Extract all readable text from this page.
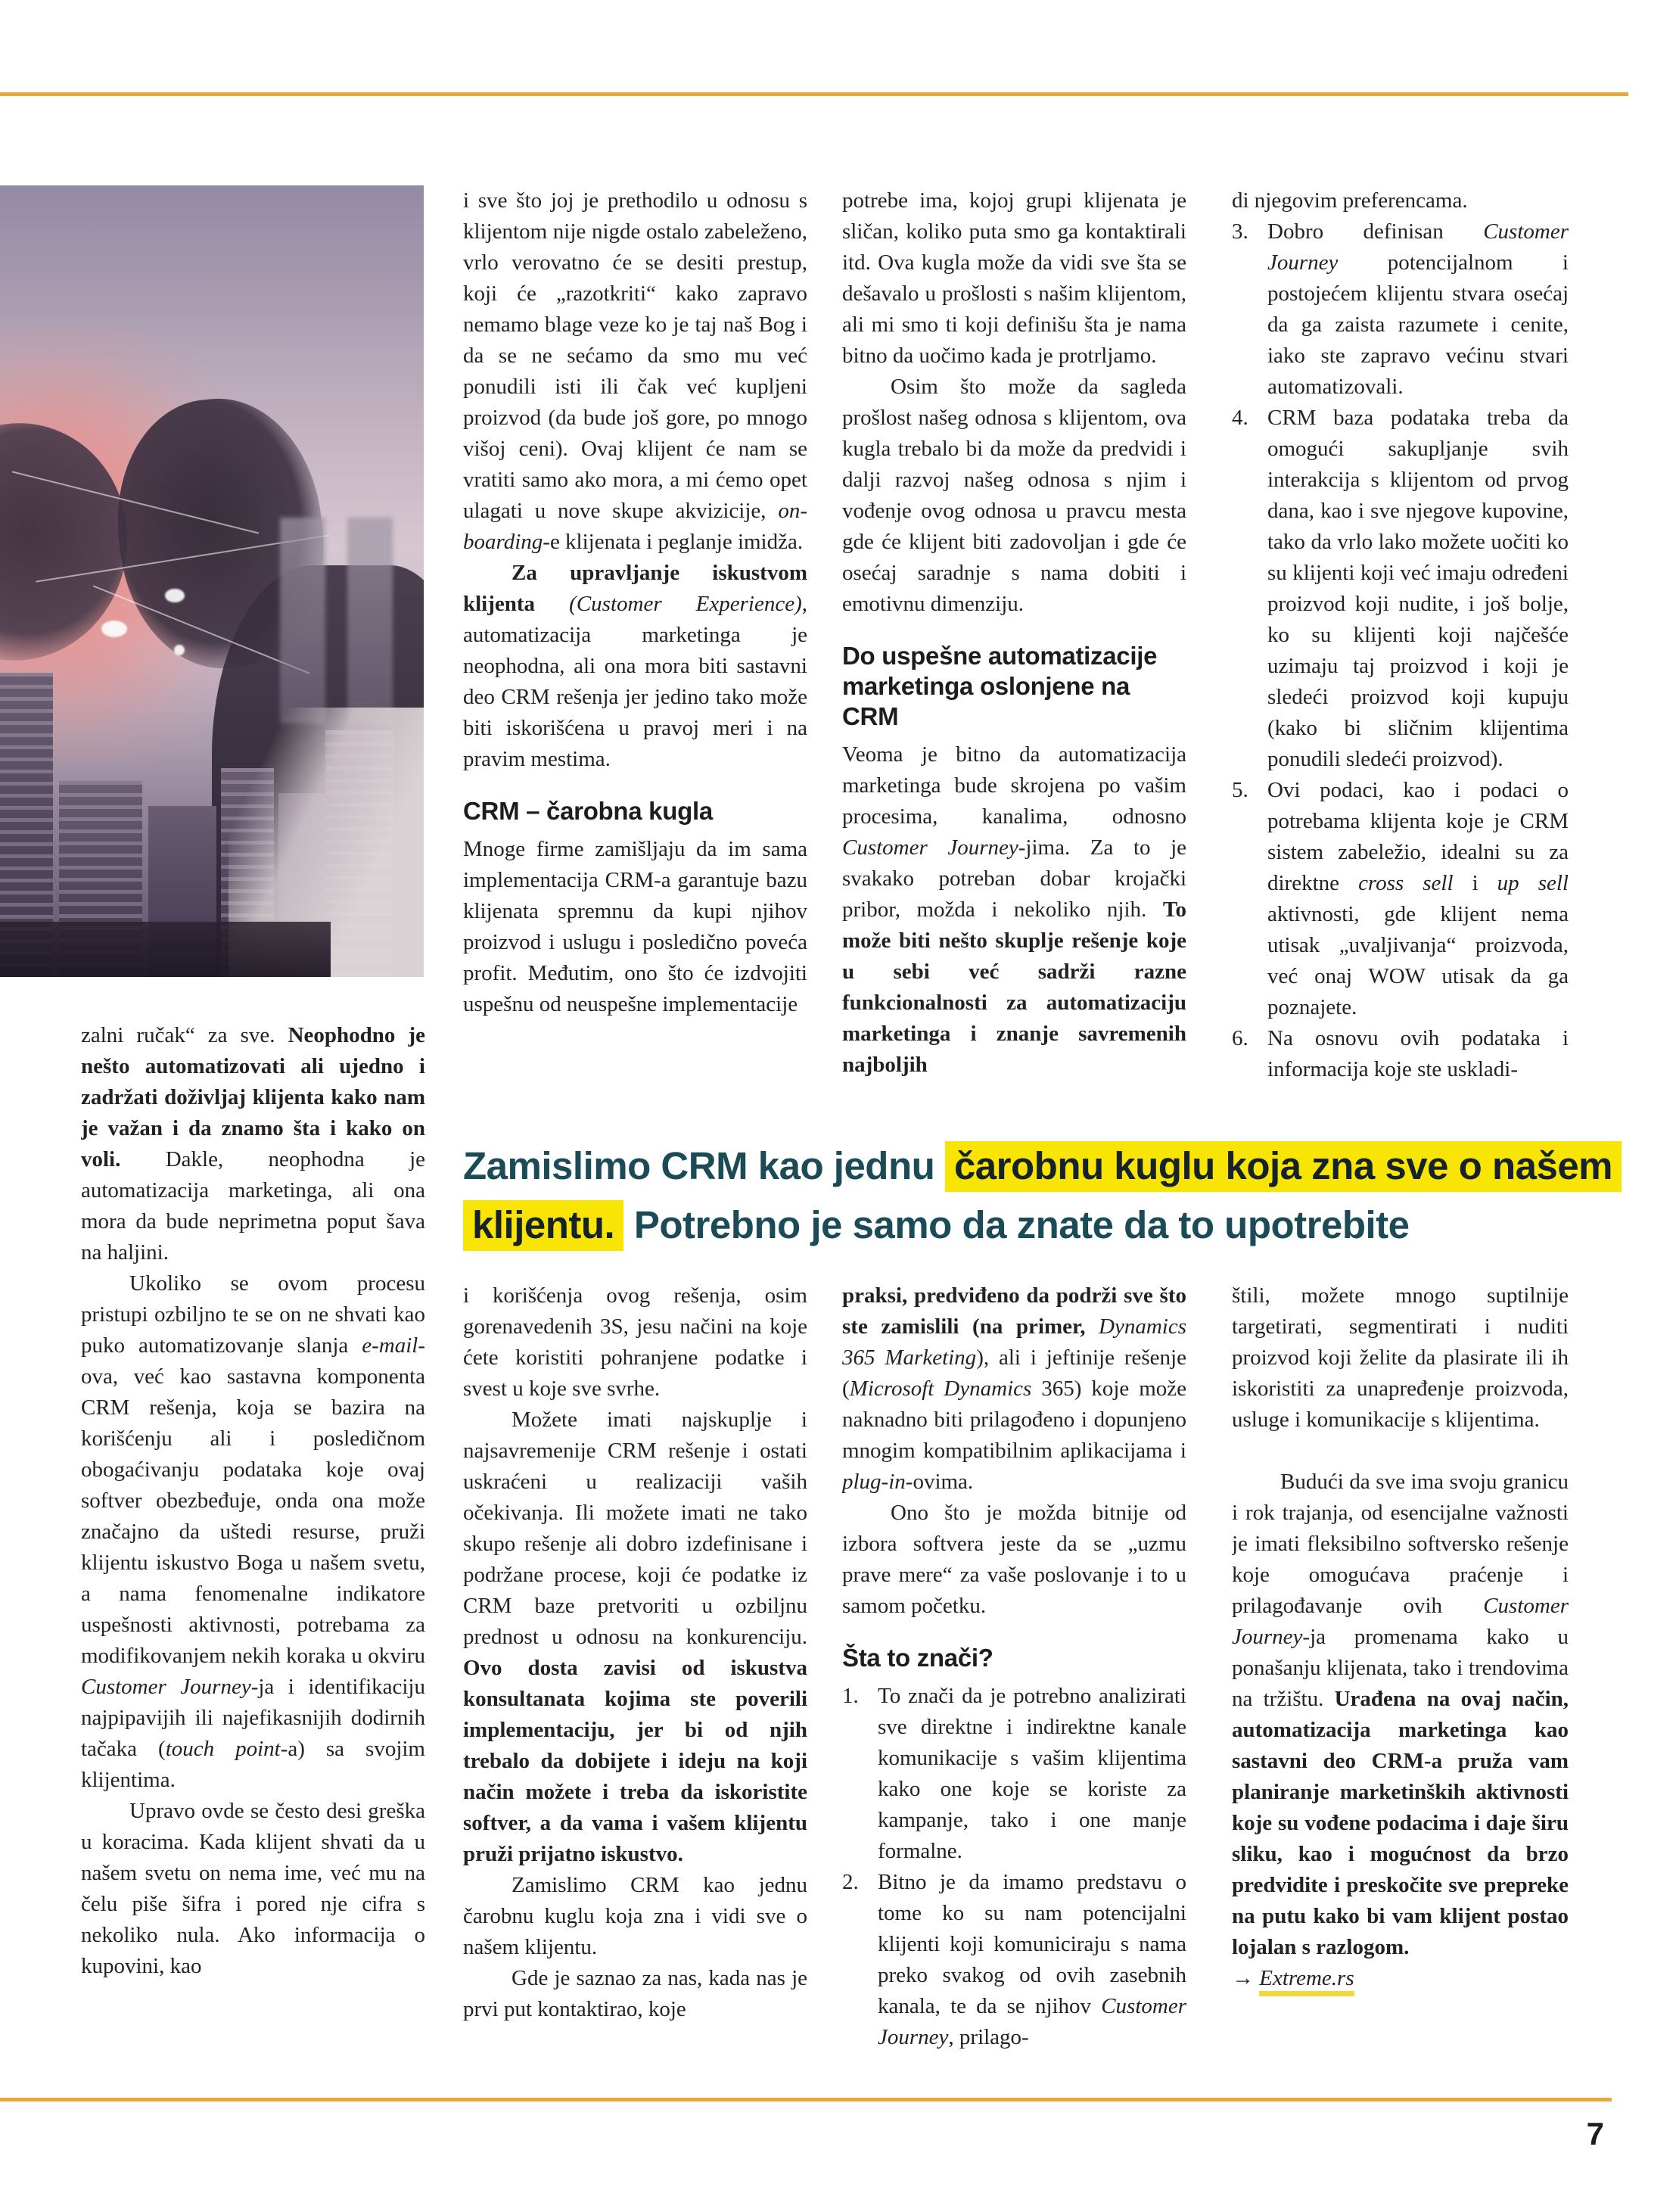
zalni ručak“ za sve. Neophodno je nešto automatizovati ali ujedno i zadržati doživljaj klijenta kako nam je važan i da znamo šta i kako on voli. Dakle, neophodna je automatizacija marketinga, ali ona mora da bude neprimetna poput šava na haljini.

Ukoliko se ovom procesu pristupi ozbiljno te se on ne shvati kao puko automatizovanje slanja e-mail-ova, već kao sastavna komponenta CRM rešenja, koja se bazira na korišćenju ali i posledičnom obogaćivanju podataka koje ovaj softver obezbeđuje, onda ona može značajno da uštedi resurse, pruži klijentu iskustvo Boga u našem svetu, a nama fenomenalne indikatore uspešnosti aktivnosti, potrebama za modifikovanjem nekih koraka u okviru Customer Journey-ja i identifikaciju najpipavijih ili najefikasnijih dodirnih tačaka (touch point-a) sa svojim klijentima.

Upravo ovde se često desi greška u koracima. Kada klijent shvati da u našem svetu on nema ime, već mu na čelu piše šifra i pored nje cifra s nekoliko nula. Ako informacija o kupovini, kao

i sve što joj je prethodilo u odnosu s klijentom nije nigde ostalo zabeleženo, vrlo verovatno će se desiti prestup, koji će „razotkriti“ kako zapravo nemamo blage veze ko je taj naš Bog i da se ne sećamo da smo mu već ponudili isti ili čak već kupljeni proizvod (da bude još gore, po mnogo višoj ceni). Ovaj klijent će nam se vratiti samo ako mora, a mi ćemo opet ulagati u nove skupe akvizicije, on-boarding-e klijenata i peglanje imidža.

Za upravljanje iskustvom klijenta (Customer Experience), automatizacija marketinga je neophodna, ali ona mora biti sastavni deo CRM rešenja jer jedino tako može biti iskorišćena u pravoj meri i na pravim mestima.

CRM – čarobna kugla

Mnoge firme zamišljaju da im sama implementacija CRM-a garantuje bazu klijenata spremnu da kupi njihov proizvod i uslugu i posledično poveća profit. Međutim, ono što će izdvojiti uspešnu od neuspešne implementacije

i korišćenja ovog rešenja, osim gorenavedenih 3S, jesu načini na koje ćete koristiti pohranjene podatke i svest u koje sve svrhe.

Možete imati najskuplje i najsavremenije CRM rešenje i ostati uskraćeni u realizaciji vaših očekivanja. Ili možete imati ne tako skupo rešenje ali dobro izdefinisane i podržane procese, koji će podatke iz CRM baze pretvoriti u ozbiljnu prednost u odnosu na konkurenciju. Ovo dosta zavisi od iskustva konsultanata kojima ste poverili implementaciju, jer bi od njih trebalo da dobijete i ideju na koji način možete i treba da iskoristite softver, a da vama i vašem klijentu pruži prijatno iskustvo.

Zamislimo CRM kao jednu čarobnu kuglu koja zna i vidi sve o našem klijentu.

Gde je saznao za nas, kada nas je prvi put kontaktirao, koje

potrebe ima, kojoj grupi klijenata je sličan, koliko puta smo ga kontaktirali itd. Ova kugla može da vidi sve šta se dešavalo u prošlosti s našim klijentom, ali mi smo ti koji definišu šta je nama bitno da uočimo kada je protrljamo.

Osim što može da sagleda prošlost našeg odnosa s klijentom, ova kugla trebalo bi da može da predvidi i dalji razvoj našeg odnosa s njim i vođenje ovog odnosa u pravcu mesta gde će klijent biti zadovoljan i gde će osećaj saradnje s nama dobiti i emotivnu dimenziju.

Do uspešne automatizacije marketinga oslonjene na CRM

Veoma je bitno da automatizacija marketinga bude skrojena po vašim procesima, kanalima, odnosno Customer Journey-jima. Za to je svakako potreban dobar krojački pribor, možda i nekoliko njih. To može biti nešto skuplje rešenje koje u sebi već sadrži razne funkcionalnosti za automatizaciju marketinga i znanje savremenih najboljih

praksi, predviđeno da podrži sve što ste zamislili (na primer, Dynamics 365 Marketing), ali i jeftinije rešenje (Microsoft Dynamics 365) koje može naknadno biti prilagođeno i dopunjeno mnogim kompatibilnim aplikacijama i plug-in-ovima.

Ono što je možda bitnije od izbora softvera jeste da se „uzmu prave mere“ za vaše poslovanje i to u samom početku.

Šta to znači?
1. To znači da je potrebno analizirati sve direktne i indirektne kanale komunikacije s vašim klijentima kako one koje se koriste za kampanje, tako i one manje formalne.
2. Bitno je da imamo predstavu o tome ko su nam potencijalni klijenti koji komuniciraju s nama preko svakog od ovih zasebnih kanala, te da se njihov Customer Journey, prilago-

di njegovim preferencama.

3. Dobro definisan Customer Journey potencijalnom i postojećem klijentu stvara osećaj da ga zaista razumete i cenite, iako ste zapravo većinu stvari automatizovali.
4. CRM baza podataka treba da omogući sakupljanje svih interakcija s klijentom od prvog dana, kao i sve njegove kupovine, tako da vrlo lako možete uočiti ko su klijenti koji već imaju određeni proizvod koji nudite, i još bolje, ko su klijenti koji najčešće uzimaju taj proizvod i koji je sledeći proizvod koji kupuju (kako bi sličnim klijentima ponudili sledeći proizvod).
5. Ovi podaci, kao i podaci o potrebama klijenta koje je CRM sistem zabeležio, idealni su za direktne cross sell i up sell aktivnosti, gde klijent nema utisak „uvaljivanja“ proizvoda, već onaj WOW utisak da ga poznajete.
6. Na osnovu ovih podataka i informacija koje ste uskladi-

štili, možete mnogo suptilnije targetirati, segmentirati i nuditi proizvod koji želite da plasirate ili ih iskoristiti za unapređenje proizvoda, usluge i komunikacije s klijentima.

Budući da sve ima svoju granicu i rok trajanja, od esencijalne važnosti je imati fleksibilno softversko rešenje koje omogućava praćenje i prilagođavanje ovih Customer Journey-ja promenama kako u ponašanju klijenata, tako i trendovima na tržištu. Urađena na ovaj način, automatizacija marketinga kao sastavni deo CRM-a pruža vam planiranje marketinških aktivnosti koje su vođene podacima i daje širu sliku, kao i mogućnost da brzo predvidite i preskočite sve prepreke na putu kako bi vam klijent postao lojalan s razlogom.

→ Extreme.rs

Zamislimo CRM kao jednu čarobnu kuglu koja zna sve o našem klijentu. Potrebno je samo da znate da to upotrebite
7
